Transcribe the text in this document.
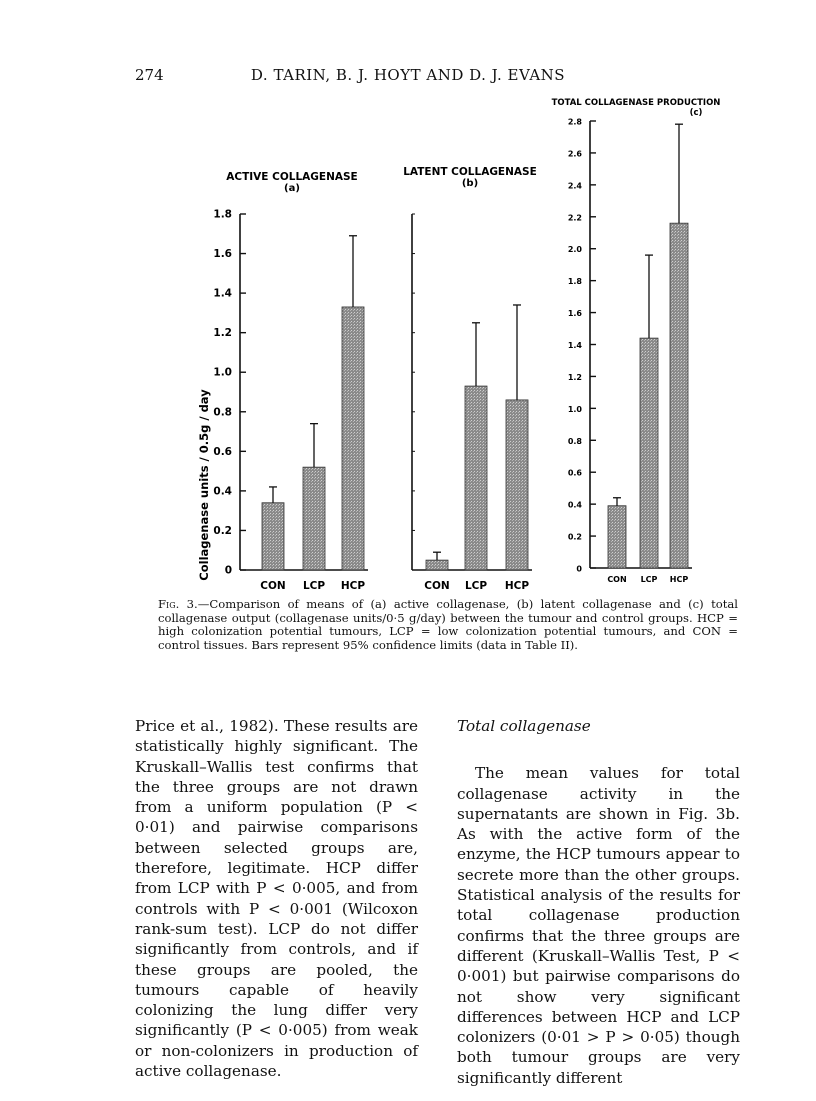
274	D. TARIN, B. J. HOYT AND D. J. EVANS
Collagenase units / 0.5g / day
ACTIVE COLLAGENASE
(a)
0
0.2
0.4
0.6
0.8
1.0
1.2
1.4
1.6
1.8
CON LCP HCP
LATENT COLLAGENASE
(b)
CON LCP HCP
TOTAL COLLAGENASE PRODUCTION
(c)
0
0.2
0.4
0.6
0.8
1.0
1.2
1.4
1.6
1.8
2.0
2.2
2.4
2.6
2.8
CON LCP HCP
Fig. 3.—Comparison of means of (a) active collagenase, (b) latent collagenase and (c) total collagenase output (collagenase units/0·5 g/day) between the tumour and control groups. HCP = high colonization potential tumours, LCP = low colonization potential tumours, and CON = control tissues. Bars represent 95% confidence limits (data in Table II).

Price et al., 1982). These results are statistically highly significant. The Kruskall–Wallis test confirms that the three groups are not drawn from a uniform population (P < 0·01) and pairwise comparisons between selected groups are, therefore, legitimate. HCP differ from LCP with P < 0·005, and from controls with P < 0·001 (Wilcoxon rank-sum test). LCP do not differ significantly from controls, and if these groups are pooled, the tumours capable of heavily colonizing the lung differ very significantly (P < 0·005) from weak or non-colonizers in production of active collagenase.

Total collagenase

The mean values for total collagenase activity in the supernatants are shown in Fig. 3b. As with the active form of the enzyme, the HCP tumours appear to secrete more than the other groups. Statistical analysis of the results for total collagenase production confirms that the three groups are different (Kruskall–Wallis Test, P < 0·001) but pairwise comparisons do not show very significant differences between HCP and LCP colonizers (0·01 > P > 0·05) though both tumour groups are very significantly different
